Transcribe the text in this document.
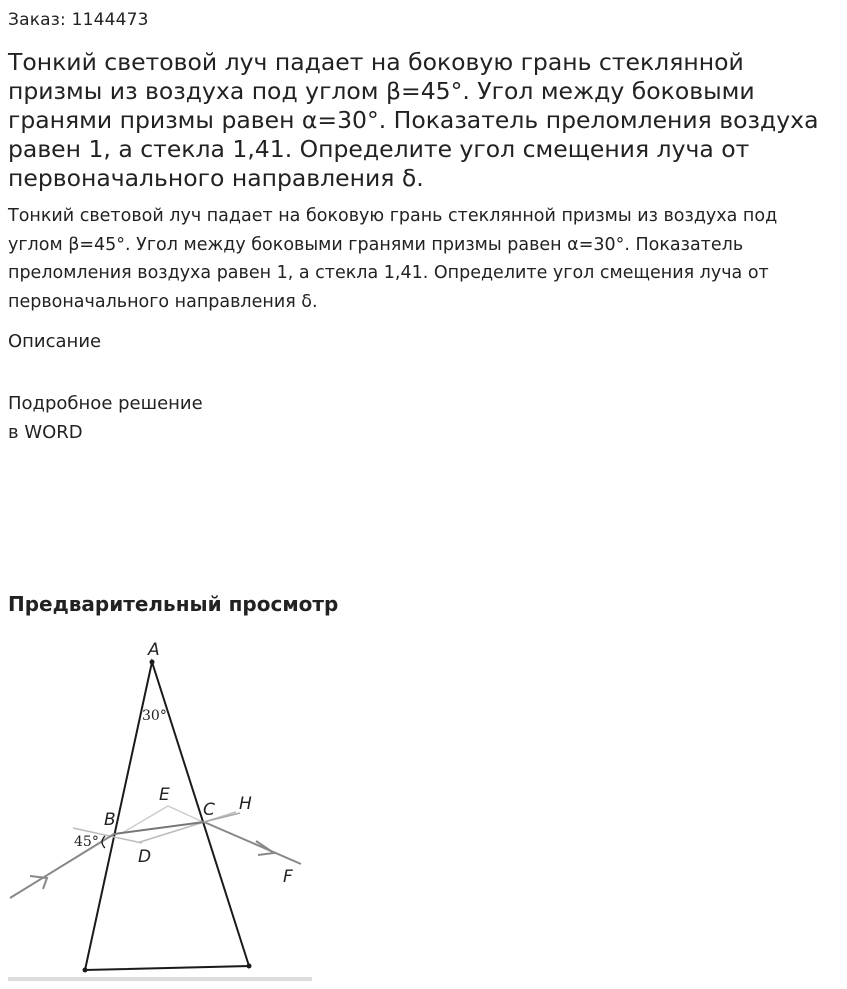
Заказ: 1144473
Тонкий световой луч падает на боковую грань стеклянной призмы из воздуха под углом β=45°. Угол между боковыми гранями призмы равен α=30°. Показатель преломления воздуха равен 1, а стекла 1,41. Определите угол смещения луча от первоначального направления δ.

Тонкий световой луч падает на боковую грань стеклянной призмы из воздуха под углом β=45°. Угол между боковыми гранями призмы равен α=30°. Показатель преломления воздуха равен 1, а стекла 1,41. Определите угол смещения луча от первоначального направления δ.

Описание
Подробное решение
в WORD
Предварительный просмотр
A
30°
E
C H
B
45°
D
F
